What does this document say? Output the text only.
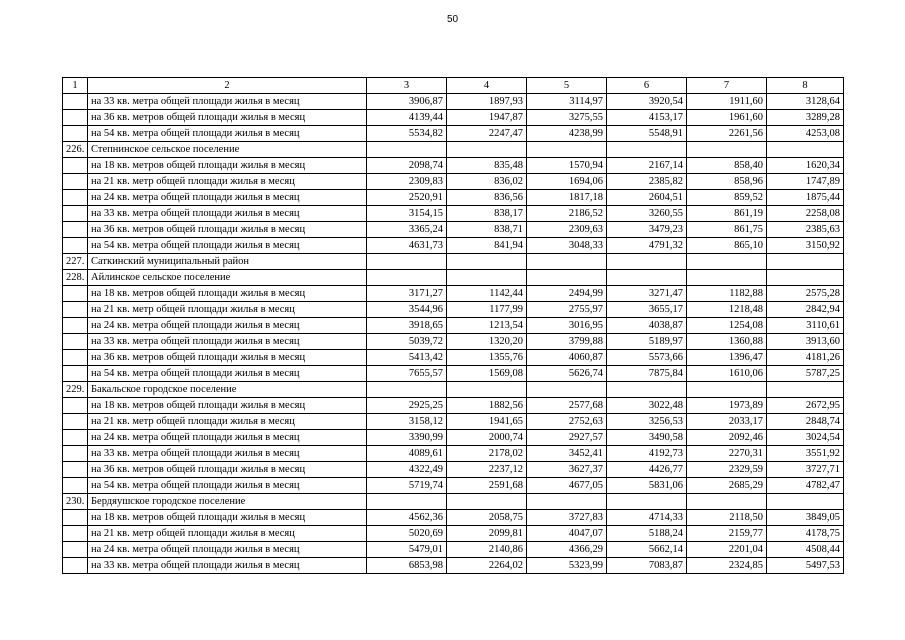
50
1	2	3	4	5	6	7	8
	на 33 кв. метра общей площади жилья в месяц	3906,87	1897,93	3114,97	3920,54	1911,60	3128,64
	на 36 кв. метров общей площади жилья в месяц	4139,44	1947,87	3275,55	4153,17	1961,60	3289,28
	на 54 кв. метра общей площади жилья в месяц	5534,82	2247,47	4238,99	5548,91	2261,56	4253,08
226.	Степнинское сельское поселение						
	на 18 кв. метров общей площади жилья в месяц	2098,74	835,48	1570,94	2167,14	858,40	1620,34
	на 21 кв. метр общей площади жилья в месяц	2309,83	836,02	1694,06	2385,82	858,96	1747,89
	на 24 кв. метра общей площади жилья в месяц	2520,91	836,56	1817,18	2604,51	859,52	1875,44
	на 33 кв. метра общей площади жилья в месяц	3154,15	838,17	2186,52	3260,55	861,19	2258,08
	на 36 кв. метров общей площади жилья в месяц	3365,24	838,71	2309,63	3479,23	861,75	2385,63
	на 54 кв. метра общей площади жилья в месяц	4631,73	841,94	3048,33	4791,32	865,10	3150,92
227.	Саткинский муниципальный район						
228.	Айлинское сельское поселение						
	на 18 кв. метров общей площади жилья в месяц	3171,27	1142,44	2494,99	3271,47	1182,88	2575,28
	на 21 кв. метр общей площади жилья в месяц	3544,96	1177,99	2755,97	3655,17	1218,48	2842,94
	на 24 кв. метра общей площади жилья в месяц	3918,65	1213,54	3016,95	4038,87	1254,08	3110,61
	на 33 кв. метра общей площади жилья в месяц	5039,72	1320,20	3799,88	5189,97	1360,88	3913,60
	на 36 кв. метров общей площади жилья в месяц	5413,42	1355,76	4060,87	5573,66	1396,47	4181,26
	на 54 кв. метра общей площади жилья в месяц	7655,57	1569,08	5626,74	7875,84	1610,06	5787,25
229.	Бакальское городское поселение						
	на 18 кв. метров общей площади жилья в месяц	2925,25	1882,56	2577,68	3022,48	1973,89	2672,95
	на 21 кв. метр общей площади жилья в месяц	3158,12	1941,65	2752,63	3256,53	2033,17	2848,74
	на 24 кв. метра общей площади жилья в месяц	3390,99	2000,74	2927,57	3490,58	2092,46	3024,54
	на 33 кв. метра общей площади жилья в месяц	4089,61	2178,02	3452,41	4192,73	2270,31	3551,92
	на 36 кв. метров общей площади жилья в месяц	4322,49	2237,12	3627,37	4426,77	2329,59	3727,71
	на 54 кв. метра общей площади жилья в месяц	5719,74	2591,68	4677,05	5831,06	2685,29	4782,47
230.	Бердяушское городское поселение						
	на 18 кв. метров общей площади жилья в месяц	4562,36	2058,75	3727,83	4714,33	2118,50	3849,05
	на 21 кв. метр общей площади жилья в месяц	5020,69	2099,81	4047,07	5188,24	2159,77	4178,75
	на 24 кв. метра общей площади жилья в месяц	5479,01	2140,86	4366,29	5662,14	2201,04	4508,44
	на 33 кв. метра общей площади жилья в месяц	6853,98	2264,02	5323,99	7083,87	2324,85	5497,53
